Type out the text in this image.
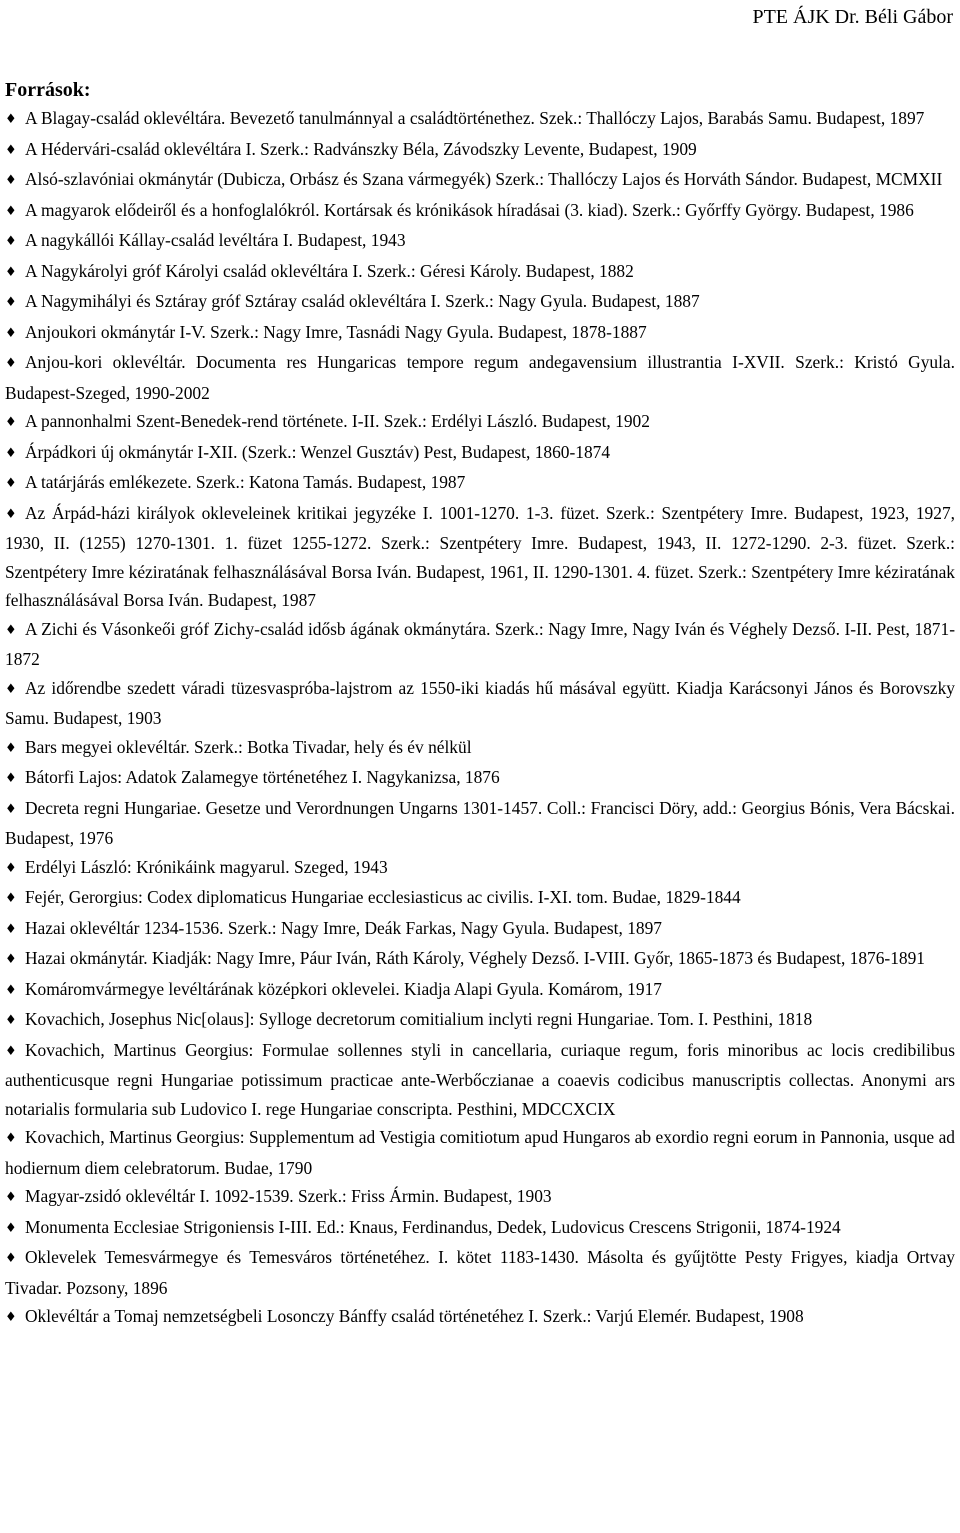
PTE ÁJK Dr. Béli Gábor
Források:
♦ A Blagay-család oklevéltára. Bevezető tanulmánnyal a családtörténethez. Szek.: Thallóczy Lajos, Barabás Samu. Budapest, 1897
♦ A Hédervári-család oklevéltára I. Szerk.: Radvánszky Béla, Závodszky Levente, Budapest, 1909
♦ Alsó-szlavóniai okmánytár (Dubicza, Orbász és Szana vármegyék) Szerk.: Thallóczy Lajos és Horváth Sándor. Budapest, MCMXII
♦ A magyarok elődeiről és a honfoglalókról. Kortársak és krónikások híradásai (3. kiad). Szerk.: Győrffy György. Budapest, 1986
♦ A nagykállói Kállay-család levéltára I. Budapest, 1943
♦ A Nagykárolyi gróf Károlyi család oklevéltára I. Szerk.: Géresi Károly. Budapest, 1882
♦ A Nagymihályi és Sztáray gróf Sztáray család oklevéltára I. Szerk.: Nagy Gyula. Budapest, 1887
♦ Anjoukori okmánytár I-V. Szerk.: Nagy Imre, Tasnádi Nagy Gyula. Budapest, 1878-1887
♦ Anjou-kori oklevéltár. Documenta res Hungaricas tempore regum andegavensium illustrantia I-XVII. Szerk.: Kristó Gyula. Budapest-Szeged, 1990-2002
♦ A pannonhalmi Szent-Benedek-rend története. I-II. Szek.: Erdélyi László. Budapest, 1902
♦ Árpádkori új okmánytár I-XII. (Szerk.: Wenzel Gusztáv) Pest, Budapest, 1860-1874
♦ A tatárjárás emlékezete. Szerk.: Katona Tamás. Budapest, 1987
♦ Az Árpád-házi királyok okleveleinek kritikai jegyzéke I. 1001-1270. 1-3. füzet. Szerk.: Szentpétery Imre. Budapest, 1923, 1927, 1930, II. (1255) 1270-1301. 1. füzet 1255-1272. Szerk.: Szentpétery Imre. Budapest, 1943, II. 1272-1290. 2-3. füzet. Szerk.: Szentpétery Imre kéziratának felhasználásával Borsa Iván. Budapest, 1961, II. 1290-1301. 4. füzet. Szerk.: Szentpétery Imre kéziratának felhasználásával Borsa Iván. Budapest, 1987
♦ A Zichi és Vásonkeői gróf Zichy-család idősb ágának okmánytára. Szerk.: Nagy Imre, Nagy Iván és Véghely Dezső. I-II. Pest, 1871-1872
♦ Az időrendbe szedett váradi tüzesvaspróba-lajstrom az 1550-iki kiadás hű másával együtt. Kiadja Karácsonyi János és Borovszky Samu. Budapest, 1903
♦ Bars megyei oklevéltár. Szerk.: Botka Tivadar, hely és év nélkül
♦ Bátorfi Lajos: Adatok Zalamegye történetéhez I. Nagykanizsa, 1876
♦ Decreta regni Hungariae. Gesetze und Verordnungen Ungarns 1301-1457. Coll.: Francisci Döry, add.: Georgius Bónis, Vera Bácskai. Budapest, 1976
♦ Erdélyi László: Krónikáink magyarul. Szeged, 1943
♦ Fejér, Gerorgius: Codex diplomaticus Hungariae ecclesiasticus ac civilis. I-XI. tom. Budae, 1829-1844
♦ Hazai oklevéltár 1234-1536. Szerk.: Nagy Imre, Deák Farkas, Nagy Gyula. Budapest, 1897
♦ Hazai okmánytár. Kiadják: Nagy Imre, Páur Iván, Ráth Károly, Véghely Dezső. I-VIII. Győr, 1865-1873 és Budapest, 1876-1891
♦ Komáromvármegye levéltárának középkori oklevelei. Kiadja Alapi Gyula. Komárom, 1917
♦ Kovachich, Josephus Nic[olaus]: Sylloge decretorum comitialium inclyti regni Hungariae. Tom. I. Pesthini, 1818
♦ Kovachich, Martinus Georgius: Formulae sollennes styli in cancellaria, curiaque regum, foris minoribus ac locis credibilibus authenticusque regni Hungariae potissimum practicae ante-Werbőczianae a coaevis codicibus manuscriptis collectas. Anonymi ars notarialis formularia sub Ludovico I. rege Hungariae conscripta. Pesthini, MDCCXCIX
♦ Kovachich, Martinus Georgius: Supplementum ad Vestigia comitiotum apud Hungaros ab exordio regni eorum in Pannonia, usque ad hodiernum diem celebratorum. Budae, 1790
♦ Magyar-zsidó oklevéltár I. 1092-1539. Szerk.: Friss Ármin. Budapest, 1903
♦ Monumenta Ecclesiae Strigoniensis I-III. Ed.: Knaus, Ferdinandus, Dedek, Ludovicus Crescens Strigonii, 1874-1924
♦ Oklevelek Temesvármegye és Temesváros történetéhez. I. kötet 1183-1430. Másolta és gyűjtötte Pesty Frigyes, kiadja Ortvay Tivadar. Pozsony, 1896
♦ Oklevéltár a Tomaj nemzetségbeli Losonczy Bánffy család történetéhez I. Szerk.: Varjú Elemér. Budapest, 1908
